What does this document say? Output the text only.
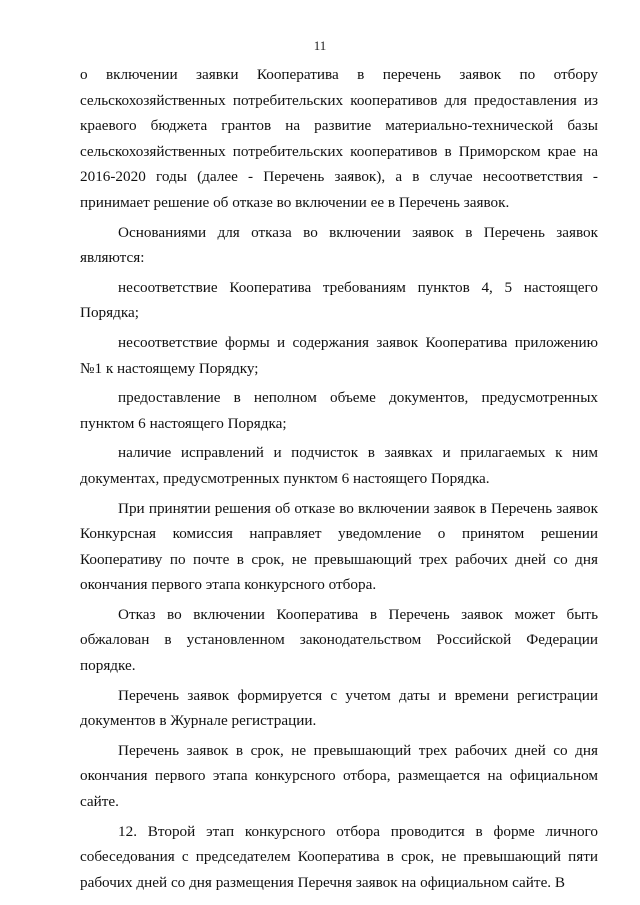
11

о включении заявки Кооператива в перечень заявок по отбору сельскохозяйственных потребительских кооперативов для предоставления из краевого бюджета грантов на развитие материально-технической базы сельскохозяйственных потребительских кооперативов в Приморском крае на 2016-2020 годы (далее - Перечень заявок), а в случае несоответствия - принимает решение об отказе во включении ее в Перечень заявок.

Основаниями для отказа во включении заявок в Перечень заявок являются:

несоответствие Кооператива требованиям пунктов 4, 5 настоящего Порядка;

несоответствие формы и содержания заявок Кооператива приложению №1 к настоящему Порядку;

предоставление в неполном объеме документов, предусмотренных пунктом 6 настоящего Порядка;

наличие исправлений и подчисток в заявках и прилагаемых к ним документах, предусмотренных пунктом 6 настоящего Порядка.

При принятии решения об отказе во включении заявок в Перечень заявок Конкурсная комиссия направляет уведомление о принятом решении Кооперативу по почте в срок, не превышающий трех рабочих дней со дня окончания первого этапа конкурсного отбора.

Отказ во включении Кооператива в Перечень заявок может быть обжалован в установленном законодательством Российской Федерации порядке.

Перечень заявок формируется с учетом даты и времени регистрации документов в Журнале регистрации.

Перечень заявок в срок, не превышающий трех рабочих дней со дня окончания первого этапа конкурсного отбора, размещается на официальном сайте.

12. Второй этап конкурсного отбора проводится в форме личного собеседования с председателем Кооператива в срок, не превышающий пяти рабочих дней со дня размещения Перечня заявок на официальном сайте. В
